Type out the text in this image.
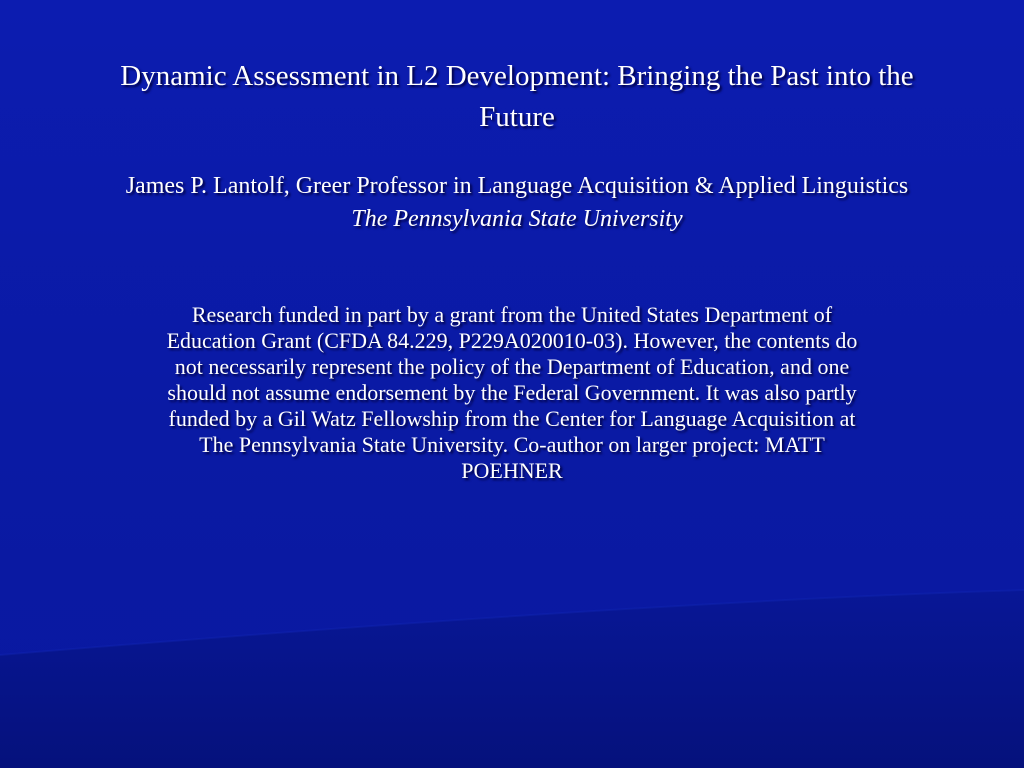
Dynamic Assessment in L2 Development: Bringing the Past into the Future

James P. Lantolf, Greer Professor in Language Acquisition & Applied Linguistics The Pennsylvania State University

Research funded in part by a grant from the United States Department of Education Grant (CFDA 84.229, P229A020010-03). However, the contents do not necessarily represent the policy of the Department of Education, and one should not assume endorsement by the Federal Government. It was also partly funded by a Gil Watz Fellowship from the Center for Language Acquisition at The Pennsylvania State University. Co-author on larger project: MATT POEHNER
